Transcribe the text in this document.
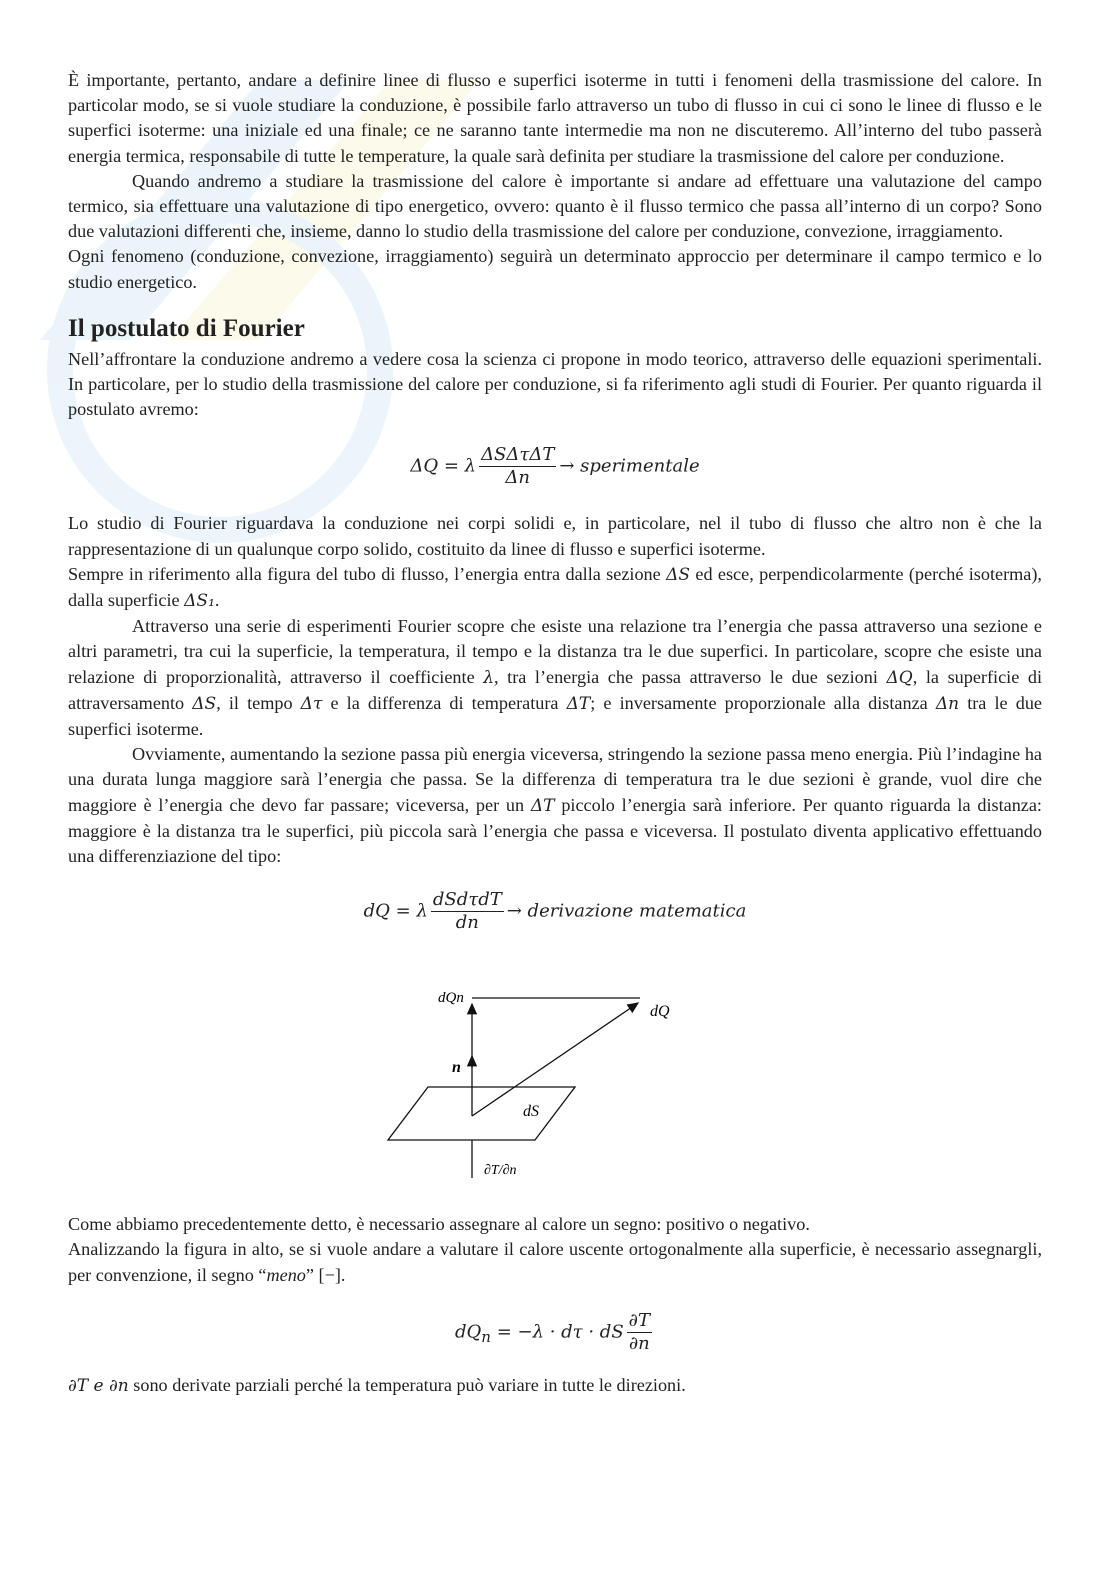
È importante, pertanto, andare a definire linee di flusso e superfici isoterme in tutti i fenomeni della trasmissione del calore. In particolar modo, se si vuole studiare la conduzione, è possibile farlo attraverso un tubo di flusso in cui ci sono le linee di flusso e le superfici isoterme: una iniziale ed una finale; ce ne saranno tante intermedie ma non ne discuteremo. All’interno del tubo passerà energia termica, responsabile di tutte le temperature, la quale sarà definita per studiare la trasmissione del calore per conduzione.

Quando andremo a studiare la trasmissione del calore è importante si andare ad effettuare una valutazione del campo termico, sia effettuare una valutazione di tipo energetico, ovvero: quanto è il flusso termico che passa all’interno di un corpo? Sono due valutazioni differenti che, insieme, danno lo studio della trasmissione del calore per conduzione, convezione, irraggiamento.

Ogni fenomeno (conduzione, convezione, irraggiamento) seguirà un determinato approccio per determinare il campo termico e lo studio energetico.

Il postulato di Fourier

Nell’affrontare la conduzione andremo a vedere cosa la scienza ci propone in modo teorico, attraverso delle equazioni sperimentali. In particolare, per lo studio della trasmissione del calore per conduzione, si fa riferimento agli studi di Fourier. Per quanto riguarda il postulato avremo:

ΔQ = λ $\frac{\text{ΔSΔτΔT}}{\Delta n}$ → sperimentale

Lo studio di Fourier riguardava la conduzione nei corpi solidi e, in particolare, nel il tubo di flusso che altro non è che la rappresentazione di un qualunque corpo solido, costituito da linee di flusso e superfici isoterme.

Sempre in riferimento alla figura del tubo di flusso, l’energia entra dalla sezione ΔS ed esce, perpendicolarmente (perché isoterma), dalla superficie ΔS₁.

Attraverso una serie di esperimenti Fourier scopre che esiste una relazione tra l’energia che passa attraverso una sezione e altri parametri, tra cui la superficie, la temperatura, il tempo e la distanza tra le due superfici. In particolare, scopre che esiste una relazione di proporzionalità, attraverso il coefficiente λ, tra l’energia che passa attraverso le due sezioni ΔQ, la superficie di attraversamento ΔS, il tempo Δτ e la differenza di temperatura ΔT; e inversamente proporzionale alla distanza Δn tra le due superfici isoterme.

Ovviamente, aumentando la sezione passa più energia viceversa, stringendo la sezione passa meno energia. Più l’indagine ha una durata lunga maggiore sarà l’energia che passa. Se la differenza di temperatura tra le due sezioni è grande, vuol dire che maggiore è l’energia che devo far passare; viceversa, per un ΔT piccolo l’energia sarà inferiore. Per quanto riguarda la distanza: maggiore è la distanza tra le superfici, più piccola sarà l’energia che passa e viceversa. Il postulato diventa applicativo effettuando una differenziazione del tipo:

dQ = λ $\frac{\text{dSdτdT}}{dn}$ → derivazione matematica
dQn
dQ
n
dS
∂T/∂n

Come abbiamo precedentemente detto, è necessario assegnare al calore un segno: positivo o negativo.

Analizzando la figura in alto, se si vuole andare a valutare il calore uscente ortogonalmente alla superficie, è necessario assegnargli, per convenzione, il segno “meno” [−].

$dQ_n = -\lambda \cdot d\tau$ · dS $\frac{\partial T}{\partial n}$

∂T e ∂n sono derivate parziali perché la temperatura può variare in tutte le direzioni.
